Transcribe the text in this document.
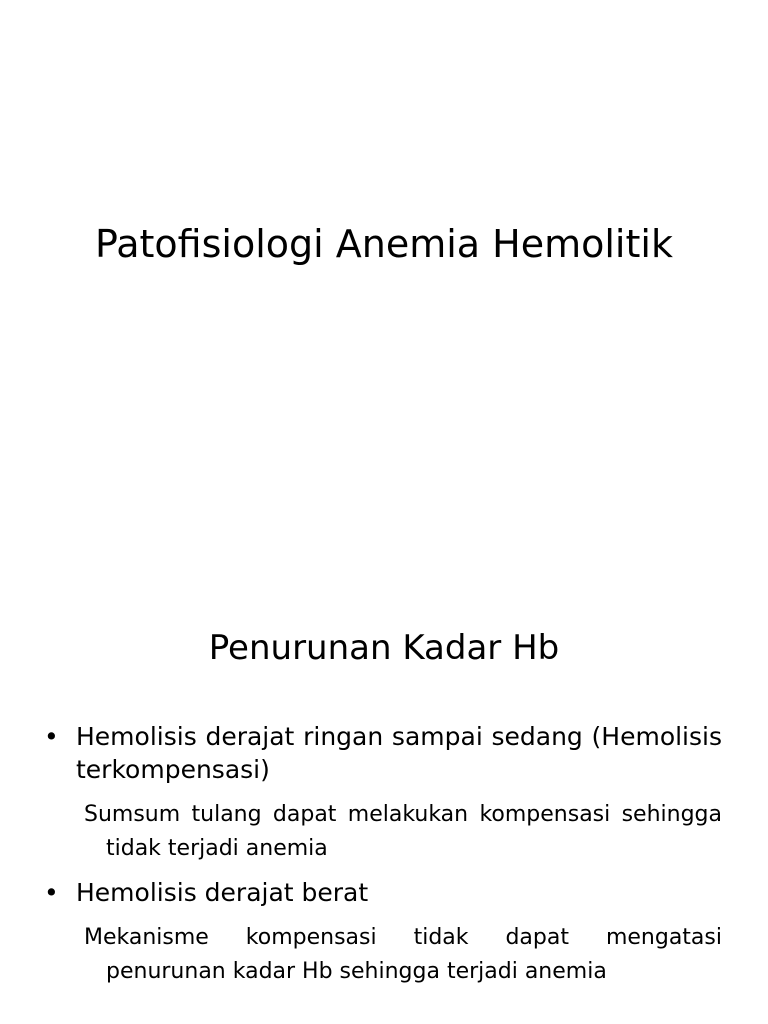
Patofisiologi Anemia Hemolitik
Penurunan Kadar Hb
• Hemolisis derajat ringan sampai sedang (Hemolisis terkompensasi)
Sumsum tulang dapat melakukan kompensasi sehingga tidak terjadi anemia
• Hemolisis derajat berat
Mekanisme kompensasi tidak dapat mengatasi penurunan kadar Hb sehingga terjadi anemia
